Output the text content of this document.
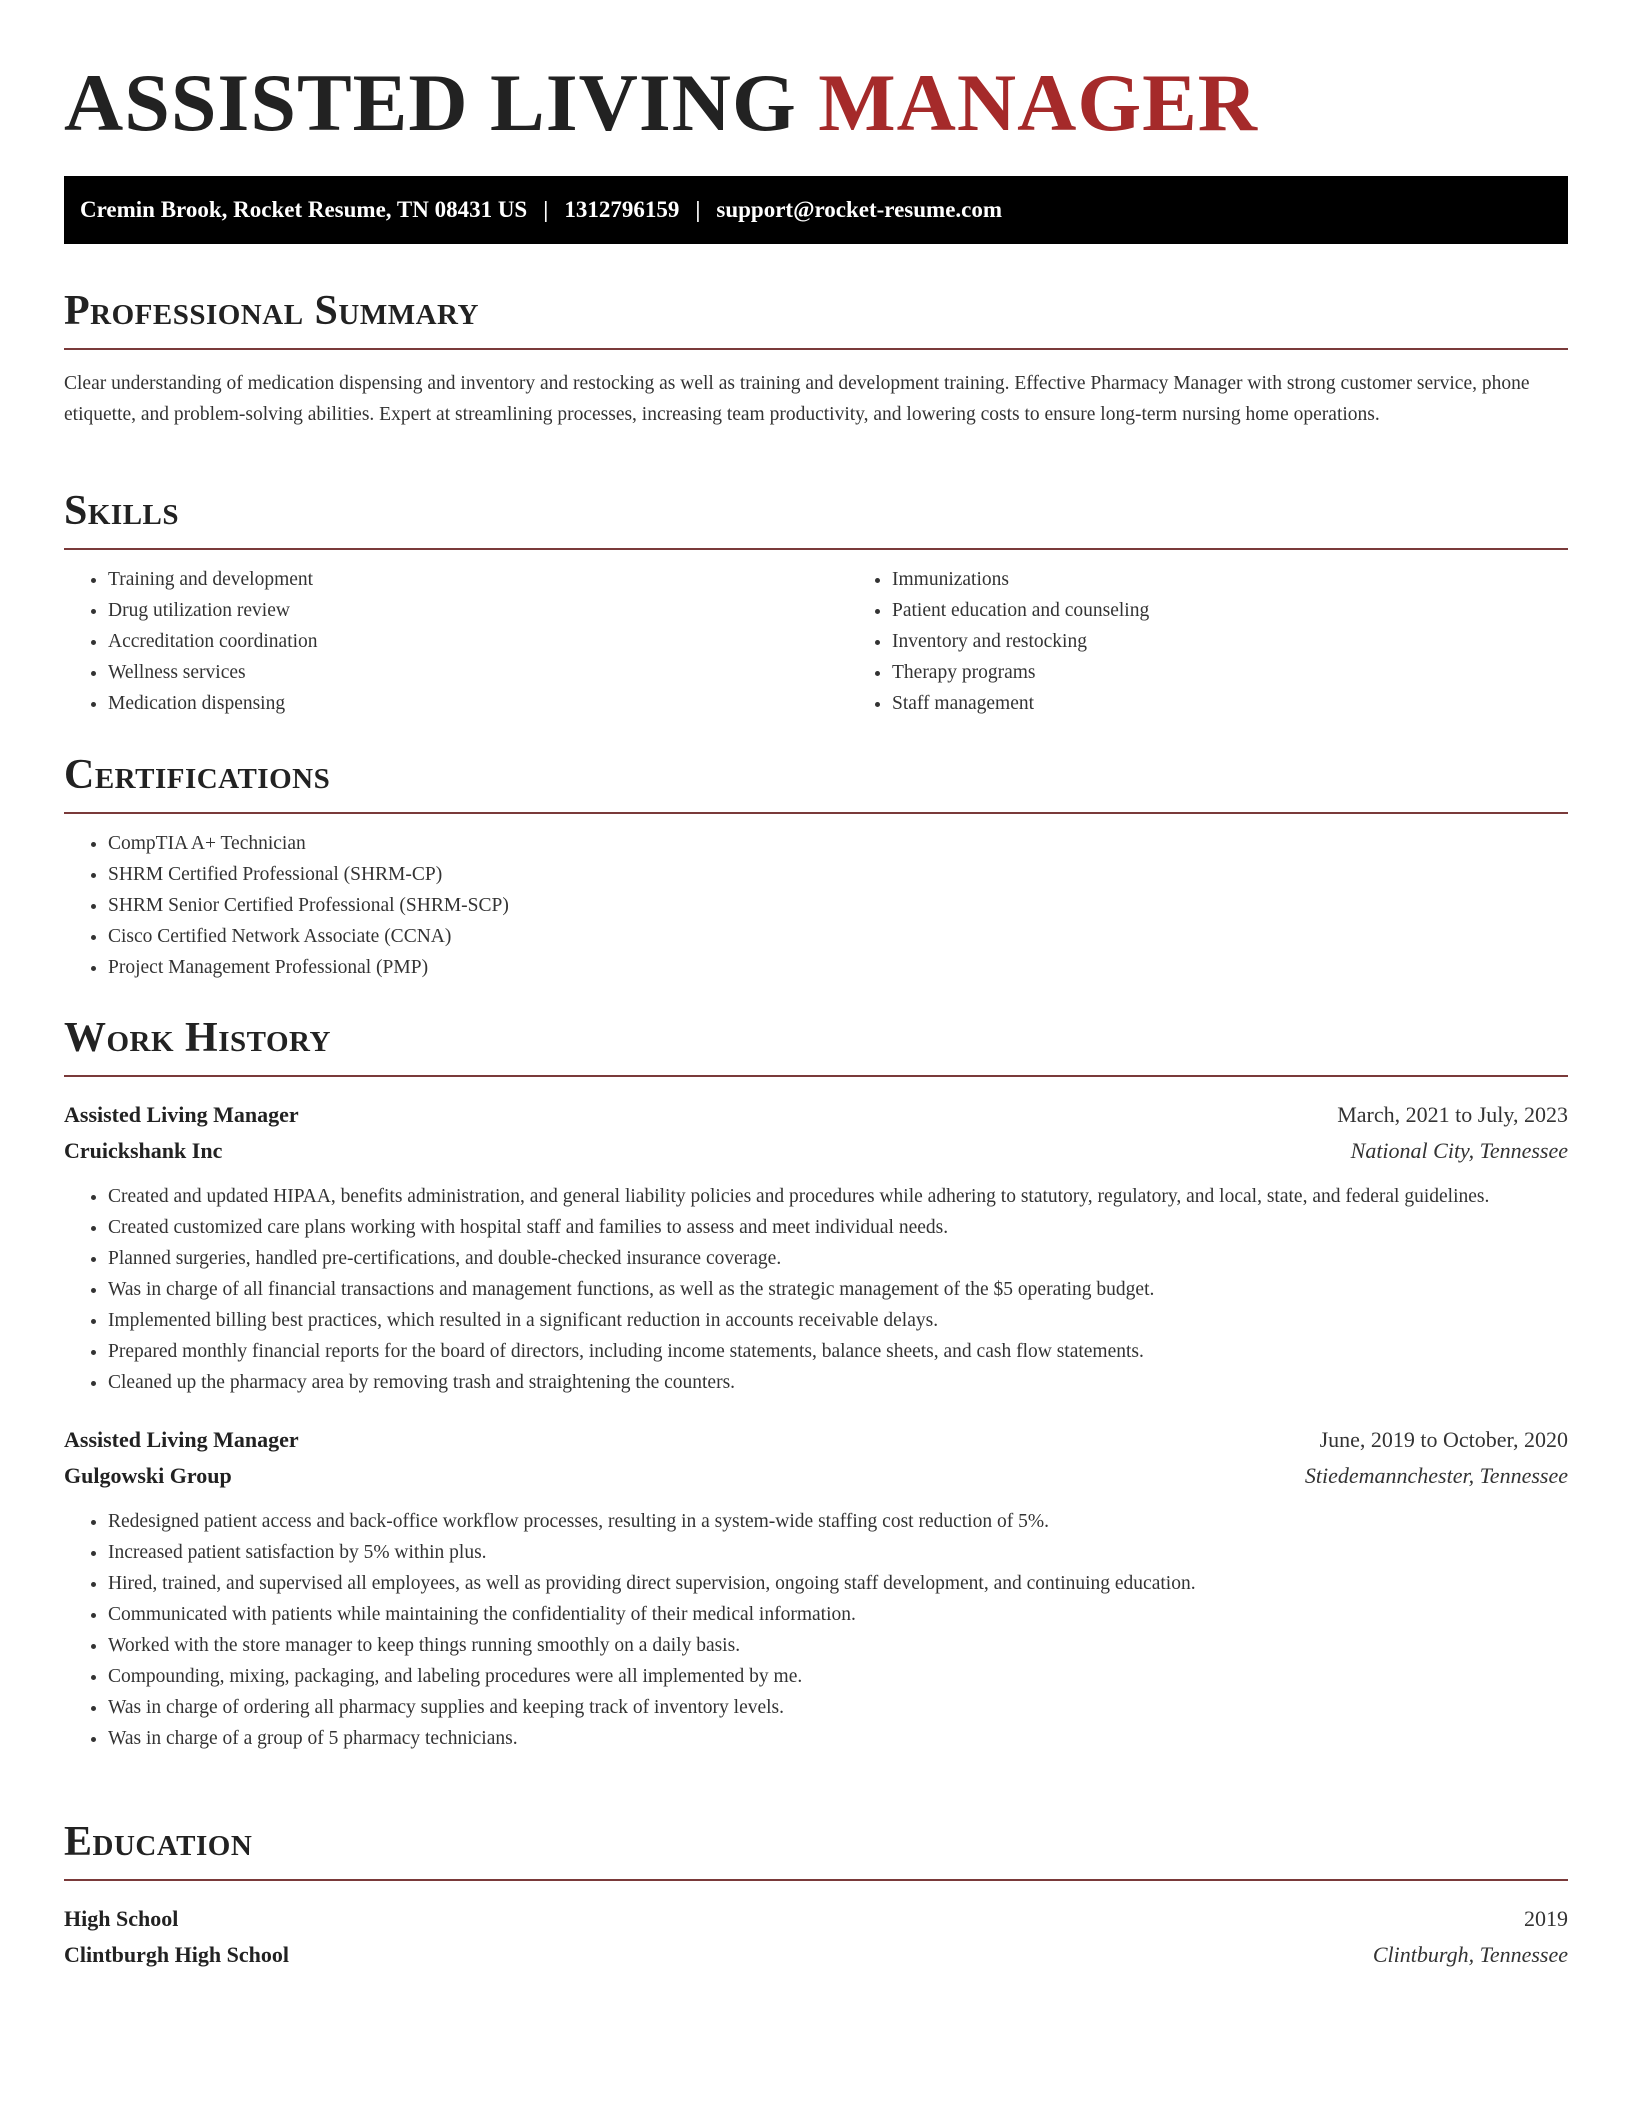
ASSISTED LIVING MANAGER
Cremin Brook, Rocket Resume, TN 08431 US | 1312796159 | support@rocket-resume.com
Professional Summary

Clear understanding of medication dispensing and inventory and restocking as well as training and development training. Effective Pharmacy Manager with strong customer service, phone etiquette, and problem-solving abilities. Expert at streamlining processes, increasing team productivity, and lowering costs to ensure long-term nursing home operations.

Skills
• Training and development
• Drug utilization review
• Accreditation coordination
• Wellness services
• Medication dispensing
• Immunizations
• Patient education and counseling
• Inventory and restocking
• Therapy programs
• Staff management
Certifications
• CompTIA A+ Technician
• SHRM Certified Professional (SHRM-CP)
• SHRM Senior Certified Professional (SHRM-SCP)
• Cisco Certified Network Associate (CCNA)
• Project Management Professional (PMP)
Work History
Assisted Living Manager	March, 2021 to July, 2023
Cruickshank Inc	National City, Tennessee
• Created and updated HIPAA, benefits administration, and general liability policies and procedures while adhering to statutory, regulatory, and local, state, and federal guidelines.
• Created customized care plans working with hospital staff and families to assess and meet individual needs.
• Planned surgeries, handled pre-certifications, and double-checked insurance coverage.
• Was in charge of all financial transactions and management functions, as well as the strategic management of the $5 operating budget.
• Implemented billing best practices, which resulted in a significant reduction in accounts receivable delays.
• Prepared monthly financial reports for the board of directors, including income statements, balance sheets, and cash flow statements.
• Cleaned up the pharmacy area by removing trash and straightening the counters.
Assisted Living Manager	June, 2019 to October, 2020
Gulgowski Group	Stiedemannchester, Tennessee
• Redesigned patient access and back-office workflow processes, resulting in a system-wide staffing cost reduction of 5%.
• Increased patient satisfaction by 5% within plus.
• Hired, trained, and supervised all employees, as well as providing direct supervision, ongoing staff development, and continuing education.
• Communicated with patients while maintaining the confidentiality of their medical information.
• Worked with the store manager to keep things running smoothly on a daily basis.
• Compounding, mixing, packaging, and labeling procedures were all implemented by me.
• Was in charge of ordering all pharmacy supplies and keeping track of inventory levels.
• Was in charge of a group of 5 pharmacy technicians.
Education
High School	2019
Clintburgh High School	Clintburgh, Tennessee
